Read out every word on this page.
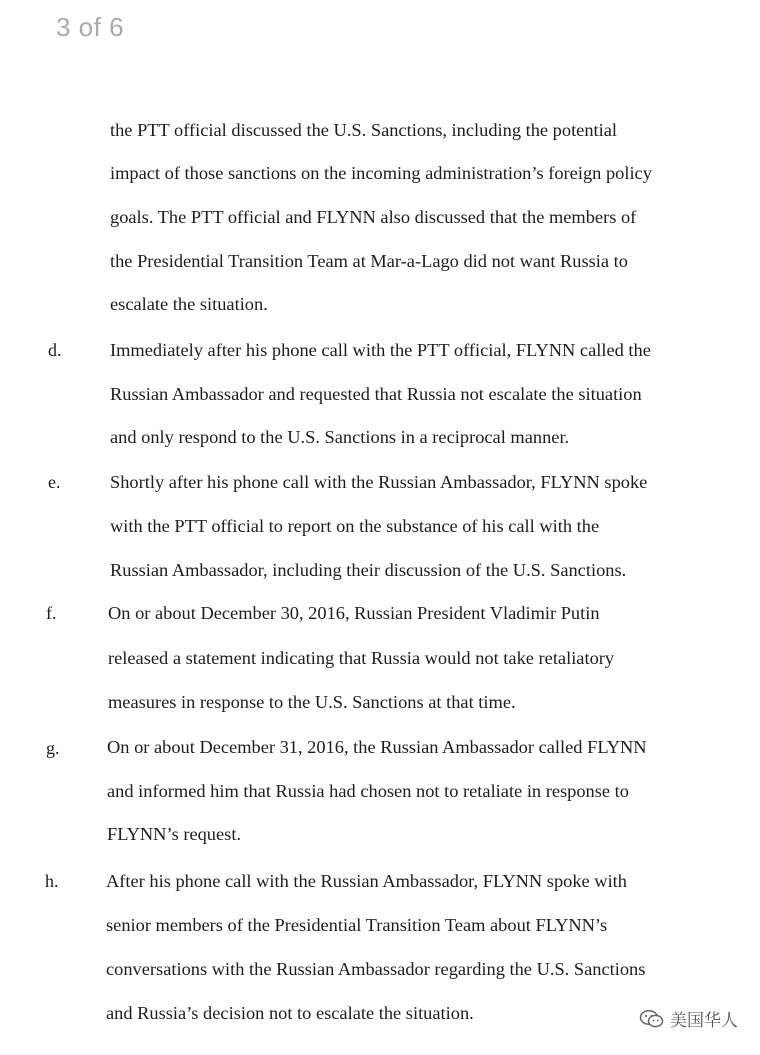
3 of 6
the PTT official discussed the U.S. Sanctions, including the potential
impact of those sanctions on the incoming administration’s foreign policy
goals. The PTT official and FLYNN also discussed that the members of
the Presidential Transition Team at Mar-a-Lago did not want Russia to
escalate the situation.
d.	Immediately after his phone call with the PTT official, FLYNN called the
Russian Ambassador and requested that Russia not escalate the situation
and only respond to the U.S. Sanctions in a reciprocal manner.
e.	Shortly after his phone call with the Russian Ambassador, FLYNN spoke
with the PTT official to report on the substance of his call with the
Russian Ambassador, including their discussion of the U.S. Sanctions.
f.	On or about December 30, 2016, Russian President Vladimir Putin
released a statement indicating that Russia would not take retaliatory
measures in response to the U.S. Sanctions at that time.
g.	On or about December 31, 2016, the Russian Ambassador called FLYNN
and informed him that Russia had chosen not to retaliate in response to
FLYNN’s request.
h.	After his phone call with the Russian Ambassador, FLYNN spoke with
senior members of the Presidential Transition Team about FLYNN’s
conversations with the Russian Ambassador regarding the U.S. Sanctions
and Russia’s decision not to escalate the situation.	美国华人
